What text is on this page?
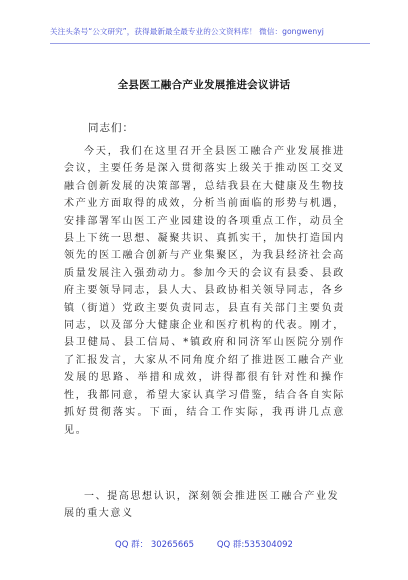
关注头条号“公文研究”，获得最新最全最专业的公文资料库！ 微信：gongwenyj
全县医工融合产业发展推进会议讲话
同志们：

今天，我们在这里召开全县医工融合产业发展推进会议，主要任务是深入贯彻落实上级关于推动医工交叉融合创新发展的决策部署，总结我县在大健康及生物技术产业方面取得的成效，分析当前面临的形势与机遇，安排部署军山医工产业园建设的各项重点工作，动员全县上下统一思想、凝聚共识、真抓实干，加快打造国内领先的医工融合创新与产业集聚区，为我县经济社会高质量发展注入强劲动力。参加今天的会议有县委、县政府主要领导同志，县人大、县政协相关领导同志，各乡镇（街道）党政主要负责同志，县直有关部门主要负责同志，以及部分大健康企业和医疗机构的代表。刚才，县卫健局、县工信局、*镇政府和同济军山医院分别作了汇报发言，大家从不同角度介绍了推进医工融合产业发展的思路、举措和成效，讲得都很有针对性和操作性，我都同意，希望大家认真学习借鉴，结合各自实际抓好贯彻落实。下面，结合工作实际，我再讲几点意见。

一、提高思想认识，深刻领会推进医工融合产业发展的重大意义

QQ 群： 30265665	QQ 群:535304092
